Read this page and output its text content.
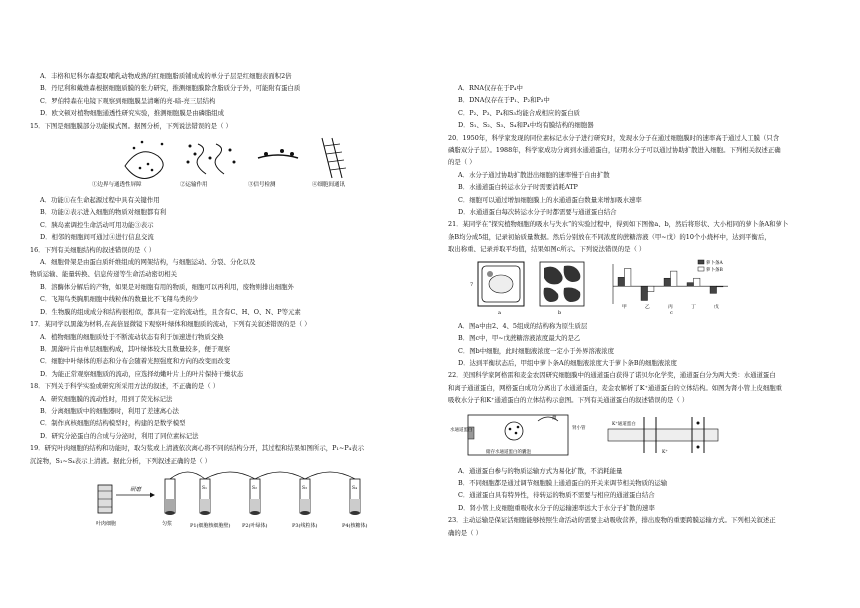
A．丰格和尼科尔森提取哺乳动物成熟的红细胞脂质铺成成的单分子层是红细胞表面积2倍
B．丹尼利和戴维森根据细胞质膜的张力研究，推测细胞膜除含脂质分子外，可能附有蛋白质
C．罗伯特森在电镜下观察到细胞膜呈清晰的亮-暗-亮三层结构
D．欧文顿对植物细胞通透性研究实验，推测细胞膜是由磷脂组成
15．下图是细胞膜部分功能模式图。据图分析，下列说法错误的是（ ）
①边界与通透性屏障	②运输作用	③信号检测	④细胞间通讯
A．功能①在生命起源过程中具有关键作用
B．功能②表示进入细胞的物质对细胞都有利
C．胰岛素调控生命活动可用功能③表示
D．相邻的细胞间可通过④进行信息交流
16．下列有关细胞结构的叙述错误的是（ ）
A．细胞骨架是由蛋白质纤维组成的网架结构，与细胞运动、分裂、分化以及
物质运输、能量转换、信息传递等生命活动密切相关
B．溶酶体分解后的产物，如果是对细胞有用的物质，细胞可以再利用，废物则排出细胞外
C．飞翔鸟类胸肌细胞中线粒体的数量比不飞翔鸟类的少
D．生物膜的组成成分和结构很相似，都具有一定的流动性，且含有C、H、O、N、P等元素
17．某同学以黑藻为材料,在高倍显微镜下观察叶绿体和细胞质的流动，下列有关叙述错误的是（ ）
A．植物细胞的细胞质处于不断流动状态有利于加速进行物质交换
B．黑藻叶片由单层细胞构成，其叶绿体较大且数量较多，便于观察
C．细胞中叶绿体的形态和分布会随着光照强度和方向的改变而改变
D．为能正常观察细胞质的流动，应选择幼嫩叶片上的叶片保持干燥状态
18．下列关于科学实验或研究所采用方法的叙述，不正确的是（ ）
A．研究细胞膜的流动性时，用到了荧光标记法
B．分离细胞质中的细胞器时，利用了差速离心法
C．制作真核细胞的结构模型时，构建的是数学模型
D．研究分泌蛋白的合成与分泌时，利用了同位素标记法
19．研究叶肉细胞的结构和功能时，取匀浆或上清液依次离心将不同的结构分开，其过程和结果如图所示，P₁~P₄表示
沉淀物，S₁~S₄表示上清液。据此分析，下列叙述正确的是（ ）
研磨	S₁	S₂	S₃	S₄
叶肉细胞	匀浆	P1(细胞核细胞壁) P2(叶绿体)	P3(线粒体)	P4(核糖体)
A．RNA仅存在于P₄中
B．DNA仅存在于P₁、P₂和P₃中
C．P₂、P₃、P₄和S₃均能合成相应的蛋白质
D．S₁、S₂、S₃、S₄和P₄中均有膜结构的细胞器
20．1950年，科学家发现的同位素标记水分子进行研究时，发现水分子在通过细胞膜时的速率高于通过人工膜（只含
磷脂双分子层）。1988年，科学家成功分离到水通道蛋白，证明水分子可以通过协助扩散进入细胞。下列相关叙述正确
的是（ ）
A．水分子通过协助扩散进出细胞的速率慢于自由扩散
B．水通道蛋白转运水分子时需要消耗ATP
C．细胞可以通过增加细胞膜上的水通道蛋白数量来增加吸水速率
D．水通道蛋白每次转运水分子时都需要与通道蛋白结合
21．某同学在“探究植物细胞的吸水与失水”的实验过程中，得到如下图像a、b，然后将形状、大小相同的萝卜条A和萝卜
条B均分成5组，记录初始质量数据。然后分别放在不同浓度的蔗糖溶液（甲~戊）的10个小烧杯中，达到平衡后，
取出称重、记录并取平均值，结果如图c所示。下列说法错误的是（ ）
7
a	b
甲	乙	丙	丁	戊
萝卜条A
萝卜条B
c
A．图a中由2、4、5组成的结构称为原生质层
B．图c中，甲~戊蔗糖溶液浓度最大的是乙
C．图b中细胞，此时细胞液浓度一定小于外界溶液浓度
D．达到平衡状态后，甲组中萝卜条A的细胞液浓度大于萝卜条B的细胞液浓度
22．美国科学家阿格雷和麦金农因研究细胞膜中的通道蛋白获得了诺贝尔化学奖，通道蛋白分为两大类：水通道蛋白
和离子通道蛋白，网格蛋白成功分离出了水通道蛋白，麦金农解析了K⁺通道蛋白的立体结构。如图为肾小管上皮细胞重
吸收水分子和K⁺通道蛋白的立体结构示意图。下列有关通道蛋白的叙述错误的是（ ）
水通道蛋白
储存水通道蛋白的囊泡
肾小管
激
K⁺通道蛋白
K⁺
A．通道蛋白参与的物质运输方式为易化扩散，不消耗能量
B．不同细胞都是通过调节细胞膜上通道蛋白的开关来调节相关物质的运输
C．通道蛋白具有特异性，待转运的物质不需要与相应的通道蛋白结合
D．肾小管上皮细胞重吸收水分子的运输速率远大于水分子扩散的速率
23．主动运输是保证活细胞能够按照生命活动的需要主动吸收营养，排出废物的重要跨膜运输方式。下列相关叙述正
确的是（ ）
